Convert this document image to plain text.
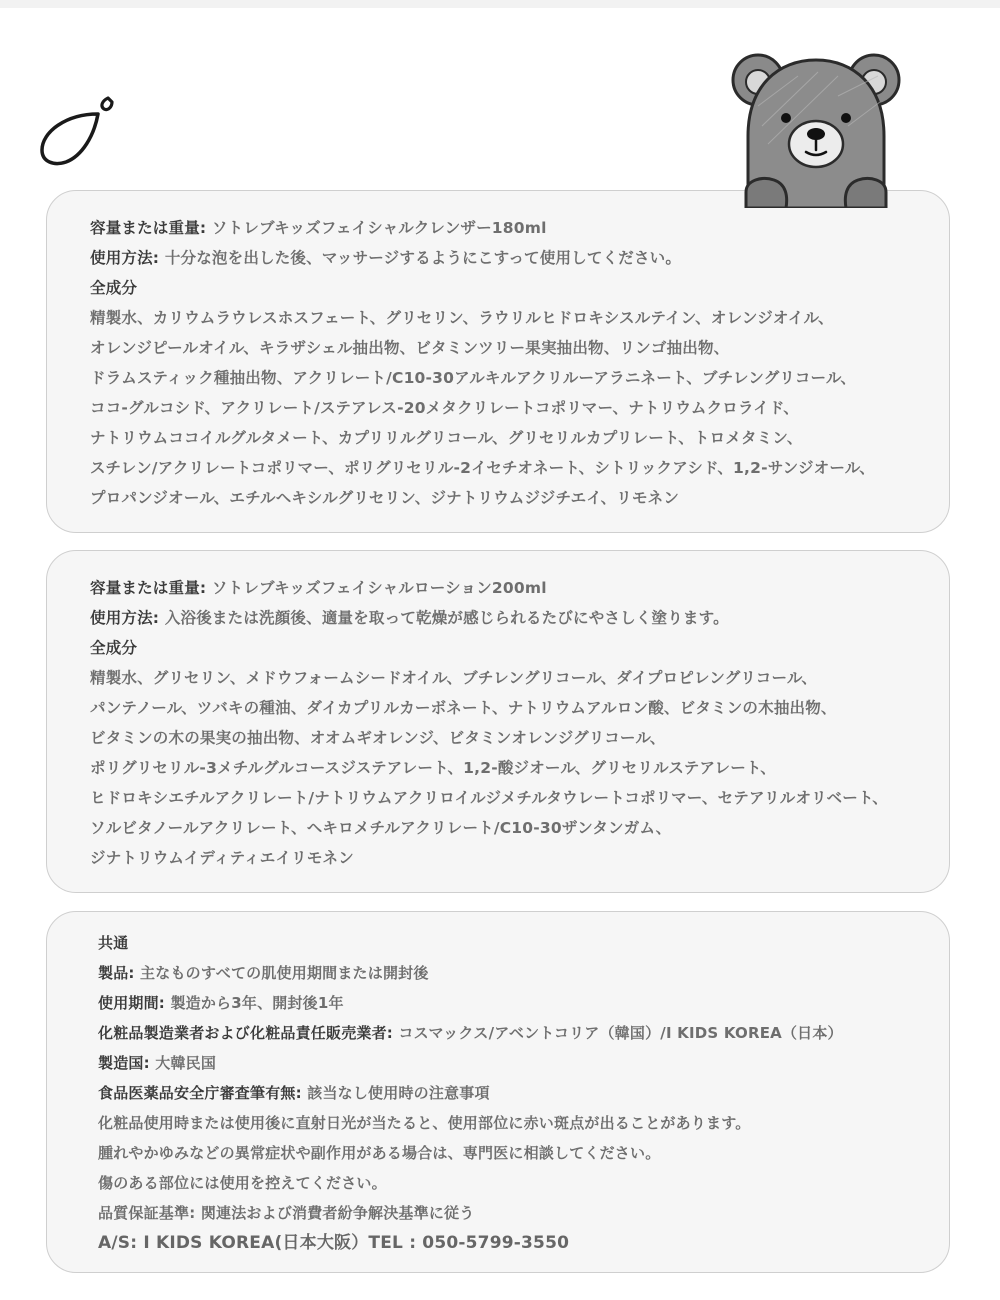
容量または重量: ソトレブキッズフェイシャルクレンザー180ml
使用方法: 十分な泡を出した後、マッサージするようにこすって使用してください。
全成分
精製水、カリウムラウレスホスフェート、グリセリン、ラウリルヒドロキシスルテイン、オレンジオイル、
オレンジピールオイル、キラザシェル抽出物、ビタミンツリー果実抽出物、リンゴ抽出物、
ドラムスティック種抽出物、アクリレート/C10-30アルキルアクリルーアラニネート、ブチレングリコール、
ココ-グルコシド、アクリレート/ステアレス-20メタクリレートコポリマー、ナトリウムクロライド、
ナトリウムココイルグルタメート、カプリリルグリコール、グリセリルカプリレート、トロメタミン、
スチレン/アクリレートコポリマー、ポリグリセリル-2イセチオネート、シトリックアシド、1,2-サンジオール、
プロパンジオール、エチルヘキシルグリセリン、ジナトリウムジジチエイ、リモネン
容量または重量: ソトレブキッズフェイシャルローション200ml
使用方法: 入浴後または洗顔後、適量を取って乾燥が感じられるたびにやさしく塗ります。
全成分
精製水、グリセリン、メドウフォームシードオイル、ブチレングリコール、ダイプロピレングリコール、
パンテノール、ツバキの種油、ダイカプリルカーボネート、ナトリウムアルロン酸、ビタミンの木抽出物、
ビタミンの木の果実の抽出物、オオムギオレンジ、ビタミンオレンジグリコール、
ポリグリセリル-3メチルグルコースジステアレート、1,2-酸ジオール、グリセリルステアレート、
ヒドロキシエチルアクリレート/ナトリウムアクリロイルジメチルタウレートコポリマー、セテアリルオリベート、
ソルビタノールアクリレート、ヘキロメチルアクリレート/C10-30ザンタンガム、
ジナトリウムイディティエイリモネン
共通
製品: 主なものすべての肌使用期間または開封後
使用期間: 製造から3年、開封後1年
化粧品製造業者および化粧品責任販売業者: コスマックス/アベントコリア（韓国）/I KIDS KOREA（日本）
製造国: 大韓民国
食品医薬品安全庁審査筆有無: 該当なし使用時の注意事項
化粧品使用時または使用後に直射日光が当たると、使用部位に赤い斑点が出ることがあります。
腫れやかゆみなどの異常症状や副作用がある場合は、専門医に相談してください。
傷のある部位には使用を控えてください。
品質保証基準: 関連法および消費者紛争解決基準に従う
A/S: I KIDS KOREA(日本大阪）TEL : 050-5799-3550
